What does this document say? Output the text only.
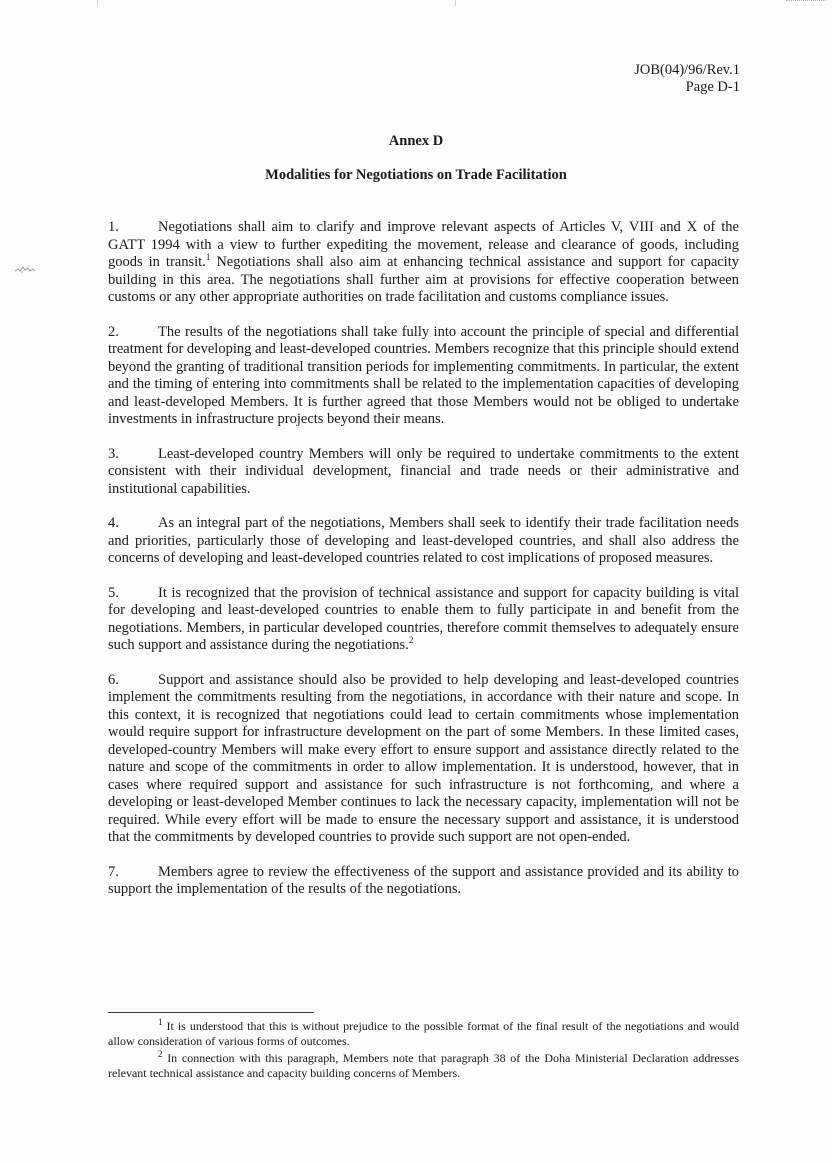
JOB(04)/96/Rev.1
Page D-1
Annex D
Modalities for Negotiations on Trade Facilitation

1.	Negotiations shall aim to clarify and improve relevant aspects of Articles V, VIII and X of the GATT 1994 with a view to further expediting the movement, release and clearance of goods, including goods in transit.$^1$ Negotiations shall also aim at enhancing technical assistance and support for capacity building in this area. The negotiations shall further aim at provisions for effective cooperation between customs or any other appropriate authorities on trade facilitation and customs compliance issues.

2.	The results of the negotiations shall take fully into account the principle of special and differential treatment for developing and least-developed countries. Members recognize that this principle should extend beyond the granting of traditional transition periods for implementing commitments. In particular, the extent and the timing of entering into commitments shall be related to the implementation capacities of developing and least-developed Members. It is further agreed that those Members would not be obliged to undertake investments in infrastructure projects beyond their means.

3.	Least-developed country Members will only be required to undertake commitments to the extent consistent with their individual development, financial and trade needs or their administrative and institutional capabilities.

4.	As an integral part of the negotiations, Members shall seek to identify their trade facilitation needs and priorities, particularly those of developing and least-developed countries, and shall also address the concerns of developing and least-developed countries related to cost implications of proposed measures.

5.	It is recognized that the provision of technical assistance and support for capacity building is vital for developing and least-developed countries to enable them to fully participate in and benefit from the negotiations. Members, in particular developed countries, therefore commit themselves to adequately ensure such support and assistance during the negotiations.$^2$

6.	Support and assistance should also be provided to help developing and least-developed countries implement the commitments resulting from the negotiations, in accordance with their nature and scope. In this context, it is recognized that negotiations could lead to certain commitments whose implementation would require support for infrastructure development on the part of some Members. In these limited cases, developed-country Members will make every effort to ensure support and assistance directly related to the nature and scope of the commitments in order to allow implementation. It is understood, however, that in cases where required support and assistance for such infrastructure is not forthcoming, and where a developing or least-developed Member continues to lack the necessary capacity, implementation will not be required. While every effort will be made to ensure the necessary support and assistance, it is understood that the commitments by developed countries to provide such support are not open-ended.

7.	Members agree to review the effectiveness of the support and assistance provided and its ability to support the implementation of the results of the negotiations.

$^1$ It is understood that this is without prejudice to the possible format of the final result of the negotiations and would allow consideration of various forms of outcomes.

$^2$ In connection with this paragraph, Members note that paragraph 38 of the Doha Ministerial Declaration addresses relevant technical assistance and capacity building concerns of Members.
